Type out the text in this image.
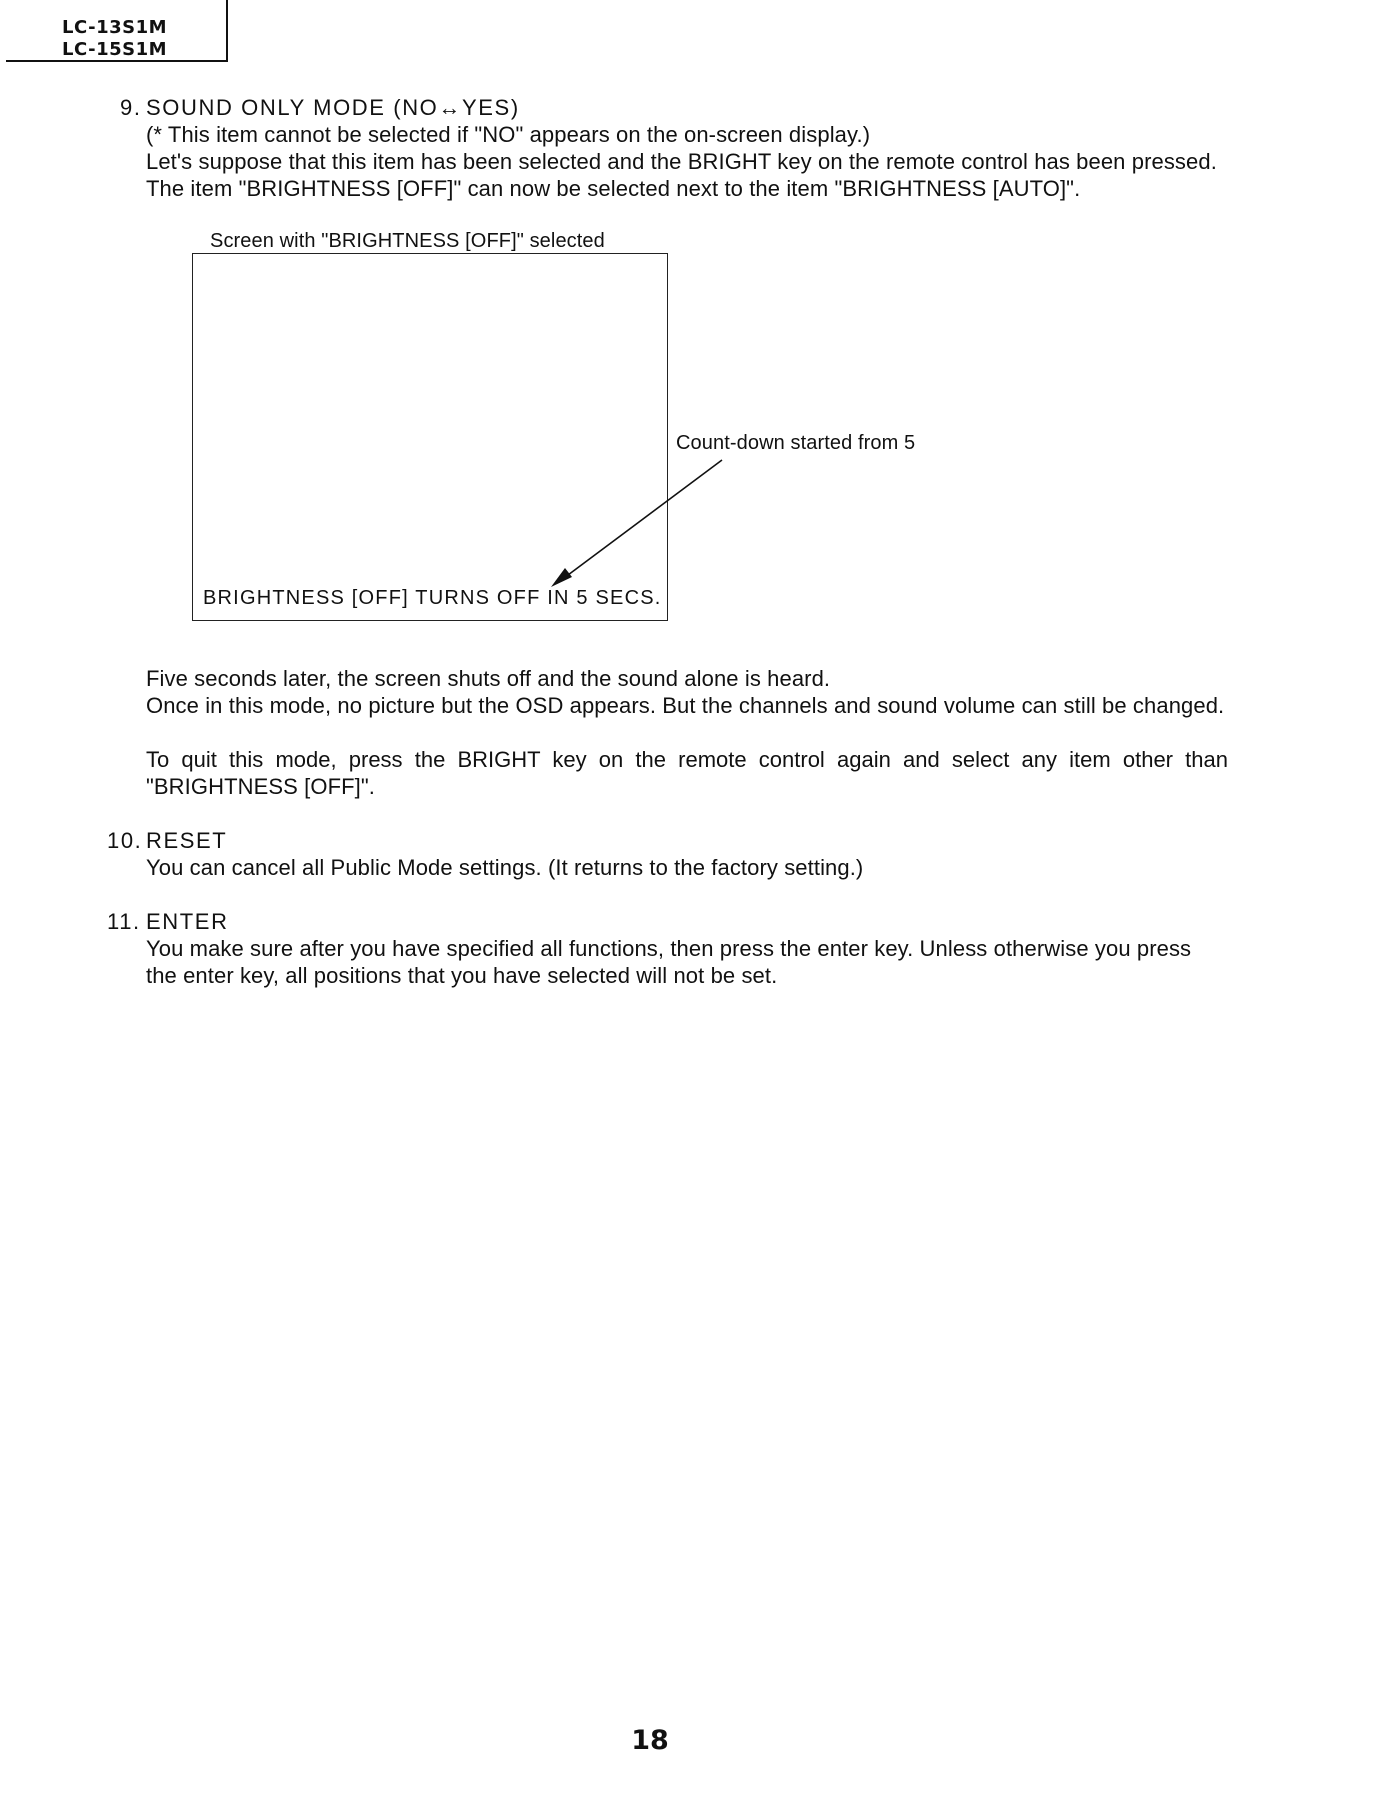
LC-13S1M
LC-15S1M
9. SOUND ONLY MODE (NO↔YES)
(* This item cannot be selected if "NO" appears on the on-screen display.)
Let's suppose that this item has been selected and the BRIGHT key on the remote control has been pressed.
The item "BRIGHTNESS [OFF]" can now be selected next to the item "BRIGHTNESS [AUTO]".
Screen with "BRIGHTNESS [OFF]" selected
BRIGHTNESS [OFF] TURNS OFF IN 5 SECS.
Count-down started from 5
Five seconds later, the screen shuts off and the sound alone is heard.
Once in this mode, no picture but the OSD appears. But the channels and sound volume can still be changed.
To quit this mode, press the BRIGHT key on the remote control again and select any item other than
"BRIGHTNESS [OFF]".
10. RESET
You can cancel all Public Mode settings. (It returns to the factory setting.)
11. ENTER
You make sure after you have specified all functions, then press the enter key. Unless otherwise you press
the enter key, all positions that you have selected will not be set.
18
